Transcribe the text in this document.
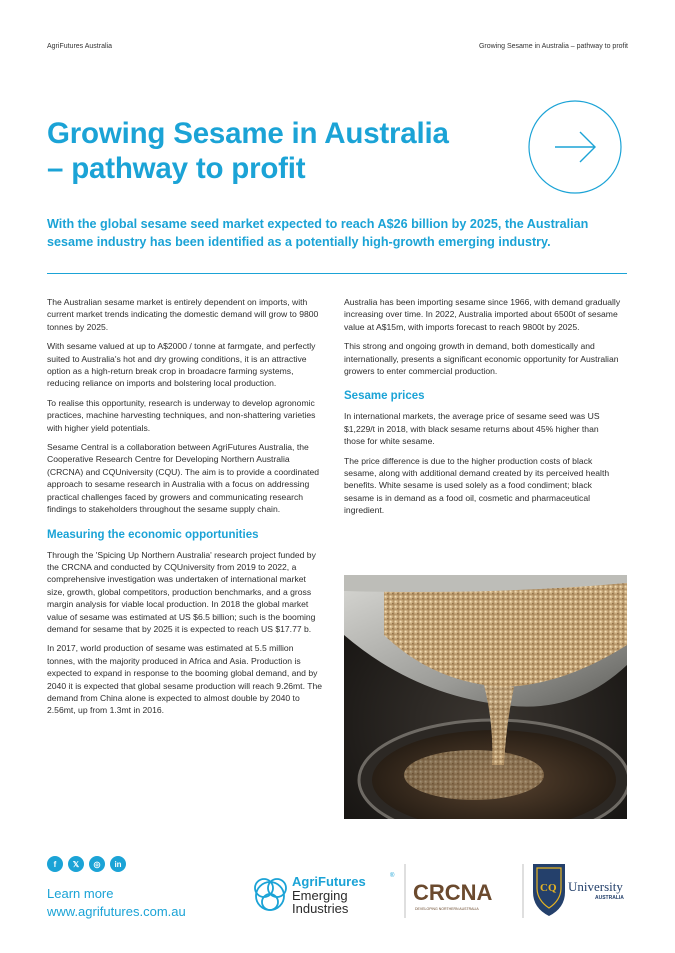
AgriFutures Australia	Growing Sesame in Australia – pathway to profit
Growing Sesame in Australia
– pathway to profit

With the global sesame seed market expected to reach A$26 billion by 2025, the Australian sesame industry has been identified as a potentially high-growth emerging industry.

The Australian sesame market is entirely dependent on imports, with current market trends indicating the domestic demand will grow to 9800 tonnes by 2025.

With sesame valued at up to A$2000 / tonne at farmgate, and perfectly suited to Australia's hot and dry growing conditions, it is an attractive option as a high-return break crop in broadacre farming systems, reducing reliance on imports and bolstering local production.

To realise this opportunity, research is underway to develop agronomic practices, machine harvesting techniques, and non-shattering varieties with higher yield potentials.

Sesame Central is a collaboration between AgriFutures Australia, the Cooperative Research Centre for Developing Northern Australia (CRCNA) and CQUniversity (CQU). The aim is to provide a coordinated approach to sesame research in Australia with a focus on addressing practical challenges faced by growers and communicating research findings to stakeholders throughout the sesame supply chain.

Measuring the economic opportunities

Through the 'Spicing Up Northern Australia' research project funded by the CRCNA and conducted by CQUniversity from 2019 to 2022, a comprehensive investigation was undertaken of international market size, growth, global competitors, production benchmarks, and a gross margin analysis for viable local production. In 2018 the global market value of sesame was estimated at US $6.5 billion; such is the booming demand for sesame that by 2025 it is expected to reach US $17.77 b.

In 2017, world production of sesame was estimated at 5.5 million tonnes, with the majority produced in Africa and Asia. Production is expected to expand in response to the booming global demand, and by 2040 it is expected that global sesame production will reach 9.26mt. The demand from China alone is expected to almost double by 2040 to 2.56mt, up from 1.3mt in 2016.

Australia has been importing sesame since 1966, with demand gradually increasing over time. In 2022, Australia imported about 6500t of sesame value at A$15m, with imports forecast to reach 9800t by 2025.

This strong and ongoing growth in demand, both domestically and internationally, presents a significant economic opportunity for Australian growers to enter commercial production.

Sesame prices

In international markets, the average price of sesame seed was US $1,229/t in 2018, with black sesame returns about 45% higher than those for white sesame.

The price difference is due to the higher production costs of black sesame, along with additional demand created by its perceived health benefits. White sesame is used solely as a food condiment; black sesame is in demand as a food oil, cosmetic and pharmaceutical ingredient.

f	𝕏	◎	in
Learn more
www.agrifutures.com.au
AgriFutures	®
Emerging
Industries
CRCNA
DEVELOPING NORTHERN AUSTRALIA
CQ University
AUSTRALIA
